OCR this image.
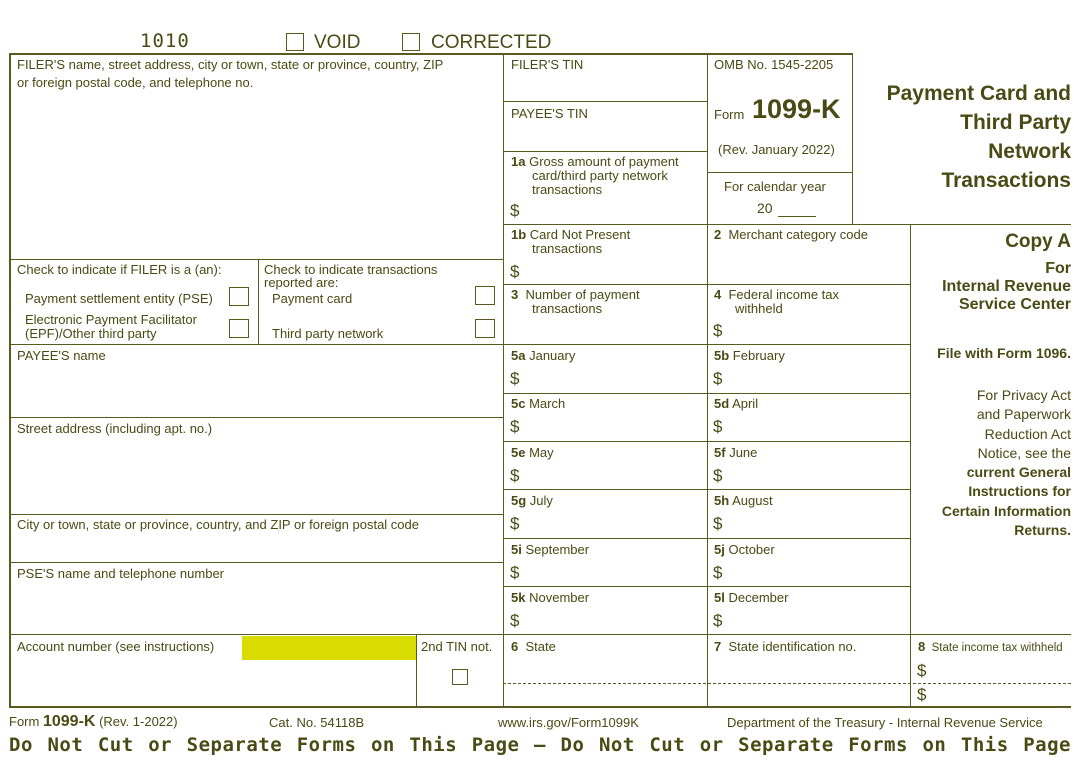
1010	VOID	CORRECTED
FILER'S name, street address, city or town, state or province, country, ZIP
or foreign postal code, and telephone no.
FILER'S TIN
PAYEE'S TIN
Check to indicate if FILER is a (an):
Payment settlement entity (PSE)
Electronic Payment Facilitator
(EPF)/Other third party
Check to indicate transactions
reported are:
Payment card
Third party network
OMB No. 1545-2205
Form 1099-K
(Rev. January 2022)
For calendar year
20
Payment Card and
Third Party
Network
Transactions
1a Gross amount of payment
card/third party network
transactions
$
1b Card Not Present
transactions
$
2 Merchant category code
3 Number of payment
transactions
4 Federal income tax
withheld
$
Copy A
For
Internal Revenue
Service Center
File with Form 1096.
For Privacy Act
and Paperwork
Reduction Act
Notice, see the
current General
Instructions for
Certain Information
Returns.
PAYEE'S name
Street address (including apt. no.)
City or town, state or province, country, and ZIP or foreign postal code
PSE'S name and telephone number
Account number (see instructions)	2nd TIN not.
5a January
$
5b February
$
5c March
$
5d April
$
5e May
$
5f June
$
5g July
$
5h August
$
5i September
$
5j October
$
5k November
$
5l December
$
6 State	7 State identification no.	8 State income tax withheld
$
$
Form 1099-K (Rev. 1-2022)	Cat. No. 54118B	www.irs.gov/Form1099K	Department of the Treasury - Internal Revenue Service
Do Not Cut or Separate Forms on This Page — Do Not Cut or Separate Forms on This Page
